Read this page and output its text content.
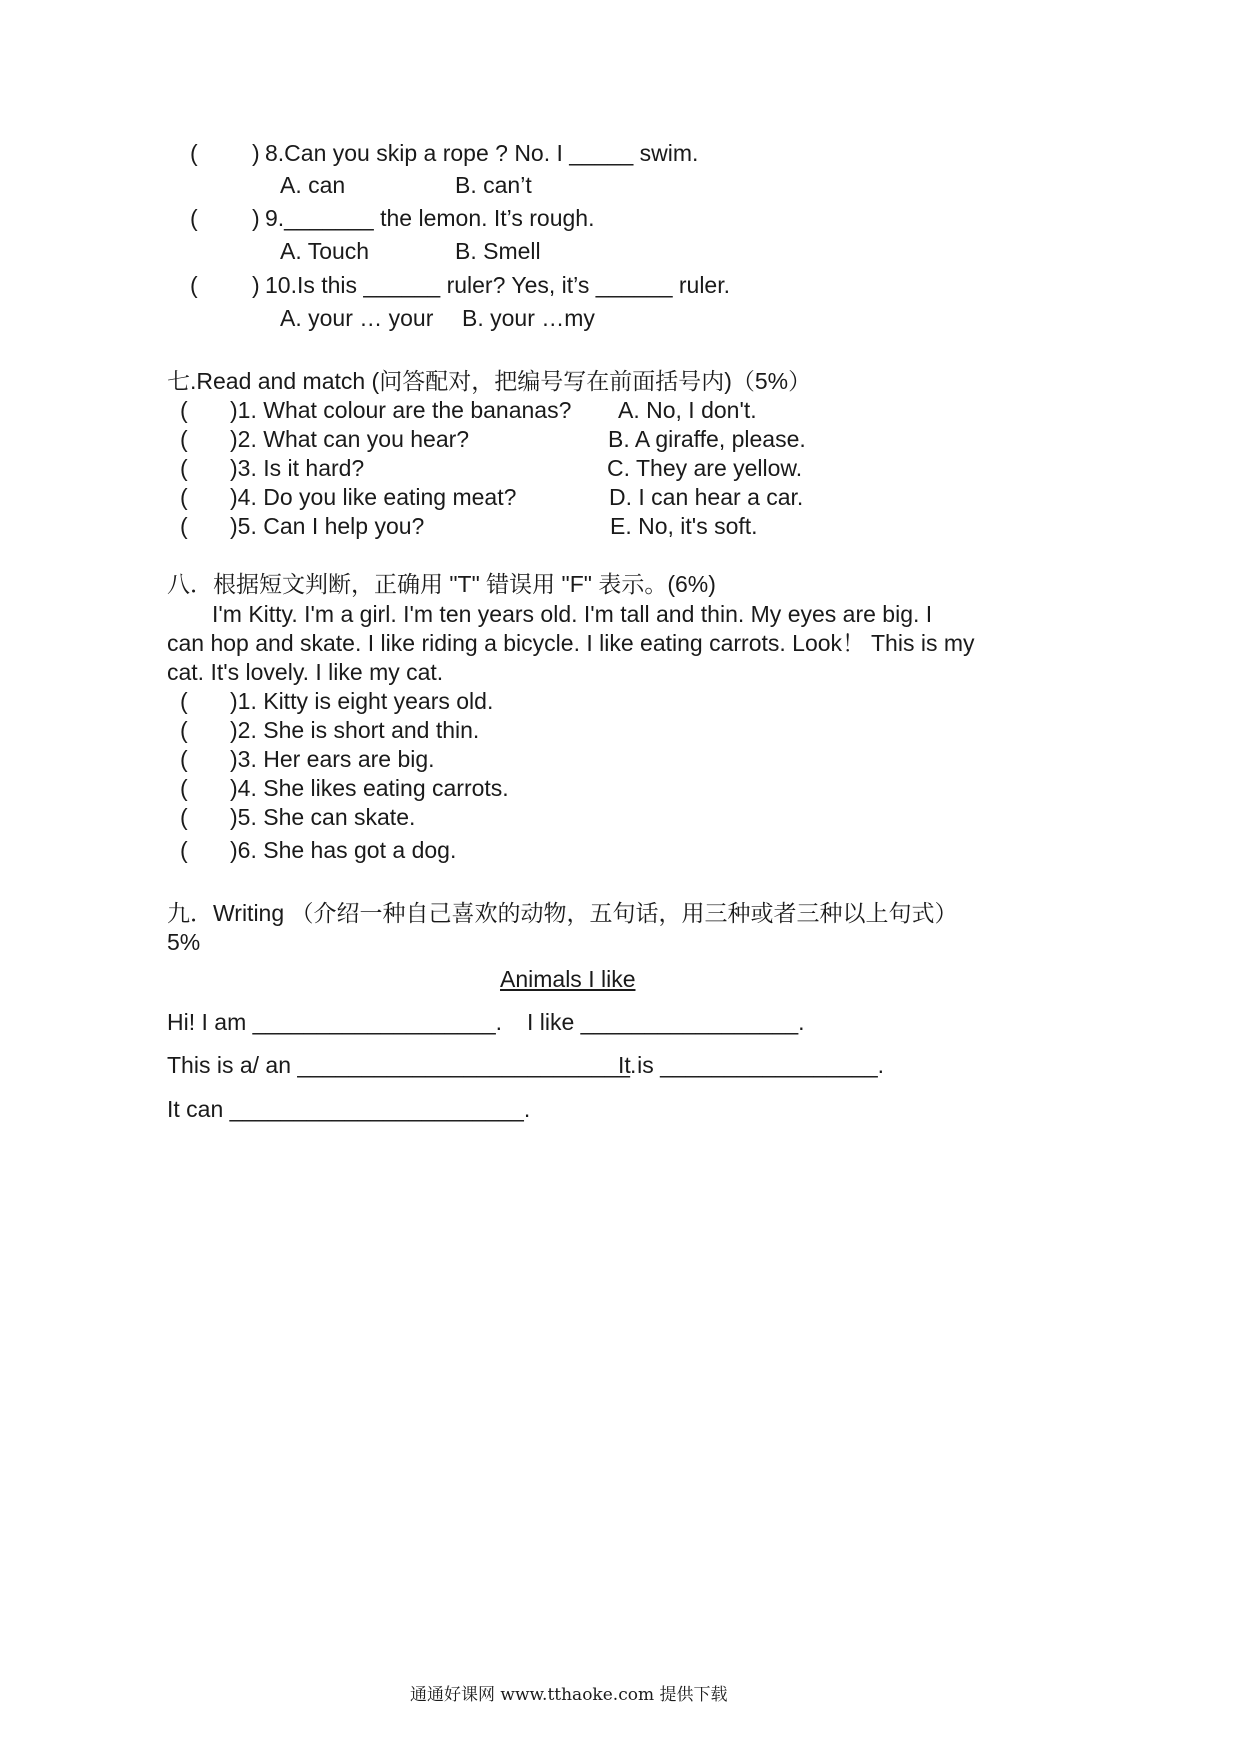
( ) 8.Can you skip a rope ? No. I _____ swim.
A. can	B. can’t
( ) 9._______ the lemon. It’s rough.
A. Touch	B. Smell
( ) 10.Is this ______ ruler? Yes, it’s ______ ruler.
A. your … your B. your …my
七.Read and match (问答配对，把编号写在前面括号内)（5%）
( )1. What colour are the bananas? A. No, I don't.
( )2. What can you hear?	B. A giraffe, please.
( )3. Is it hard?	C. They are yellow.
( )4. Do you like eating meat?	D. I can hear a car.
( )5. Can I help you?	E. No, it's soft.
八．根据短文判断，正确用 "T" 错误用 "F" 表示。(6%)
I'm Kitty. I'm a girl. I'm ten years old. I'm tall and thin. My eyes are big. I
can hop and skate. I like riding a bicycle. I like eating carrots. Look！ This is my
cat. It's lovely. I like my cat.
( )1. Kitty is eight years old.
( )2. She is short and thin.
( )3. Her ears are big.
( )4. She likes eating carrots.
( )5. She can skate.
( )6. She has got a dog.
九．Writing （介绍一种自己喜欢的动物，五句话，用三种或者三种以上句式）
5%
Animals I like
Hi! I am ___________________. I like _________________.
This is a/ an __________________________.
It is _________________.
It can _______________________.
通通好课网 www.tthaoke.com 提供下载
